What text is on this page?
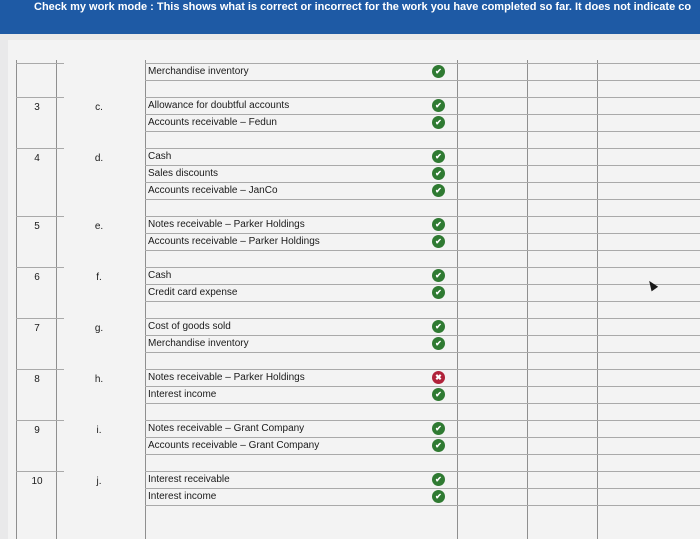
Check my work mode : This shows what is correct or incorrect for the work you have completed so far. It does not indicate co
Merchandise inventory	✔
3	c.	Allowance for doubtful accounts	✔
Accounts receivable – Fedun	✔
4	d.	Cash	✔
Sales discounts	✔
Accounts receivable – JanCo	✔
5	e.	Notes receivable – Parker Holdings	✔
Accounts receivable – Parker Holdings	✔
6	f.	Cash	✔
Credit card expense	✔
7	g.	Cost of goods sold	✔
Merchandise inventory	✔
8	h.	Notes receivable – Parker Holdings	✖
Interest income	✔
9	i.	Notes receivable – Grant Company	✔
Accounts receivable – Grant Company	✔
10	j.	Interest receivable	✔
Interest income	✔
